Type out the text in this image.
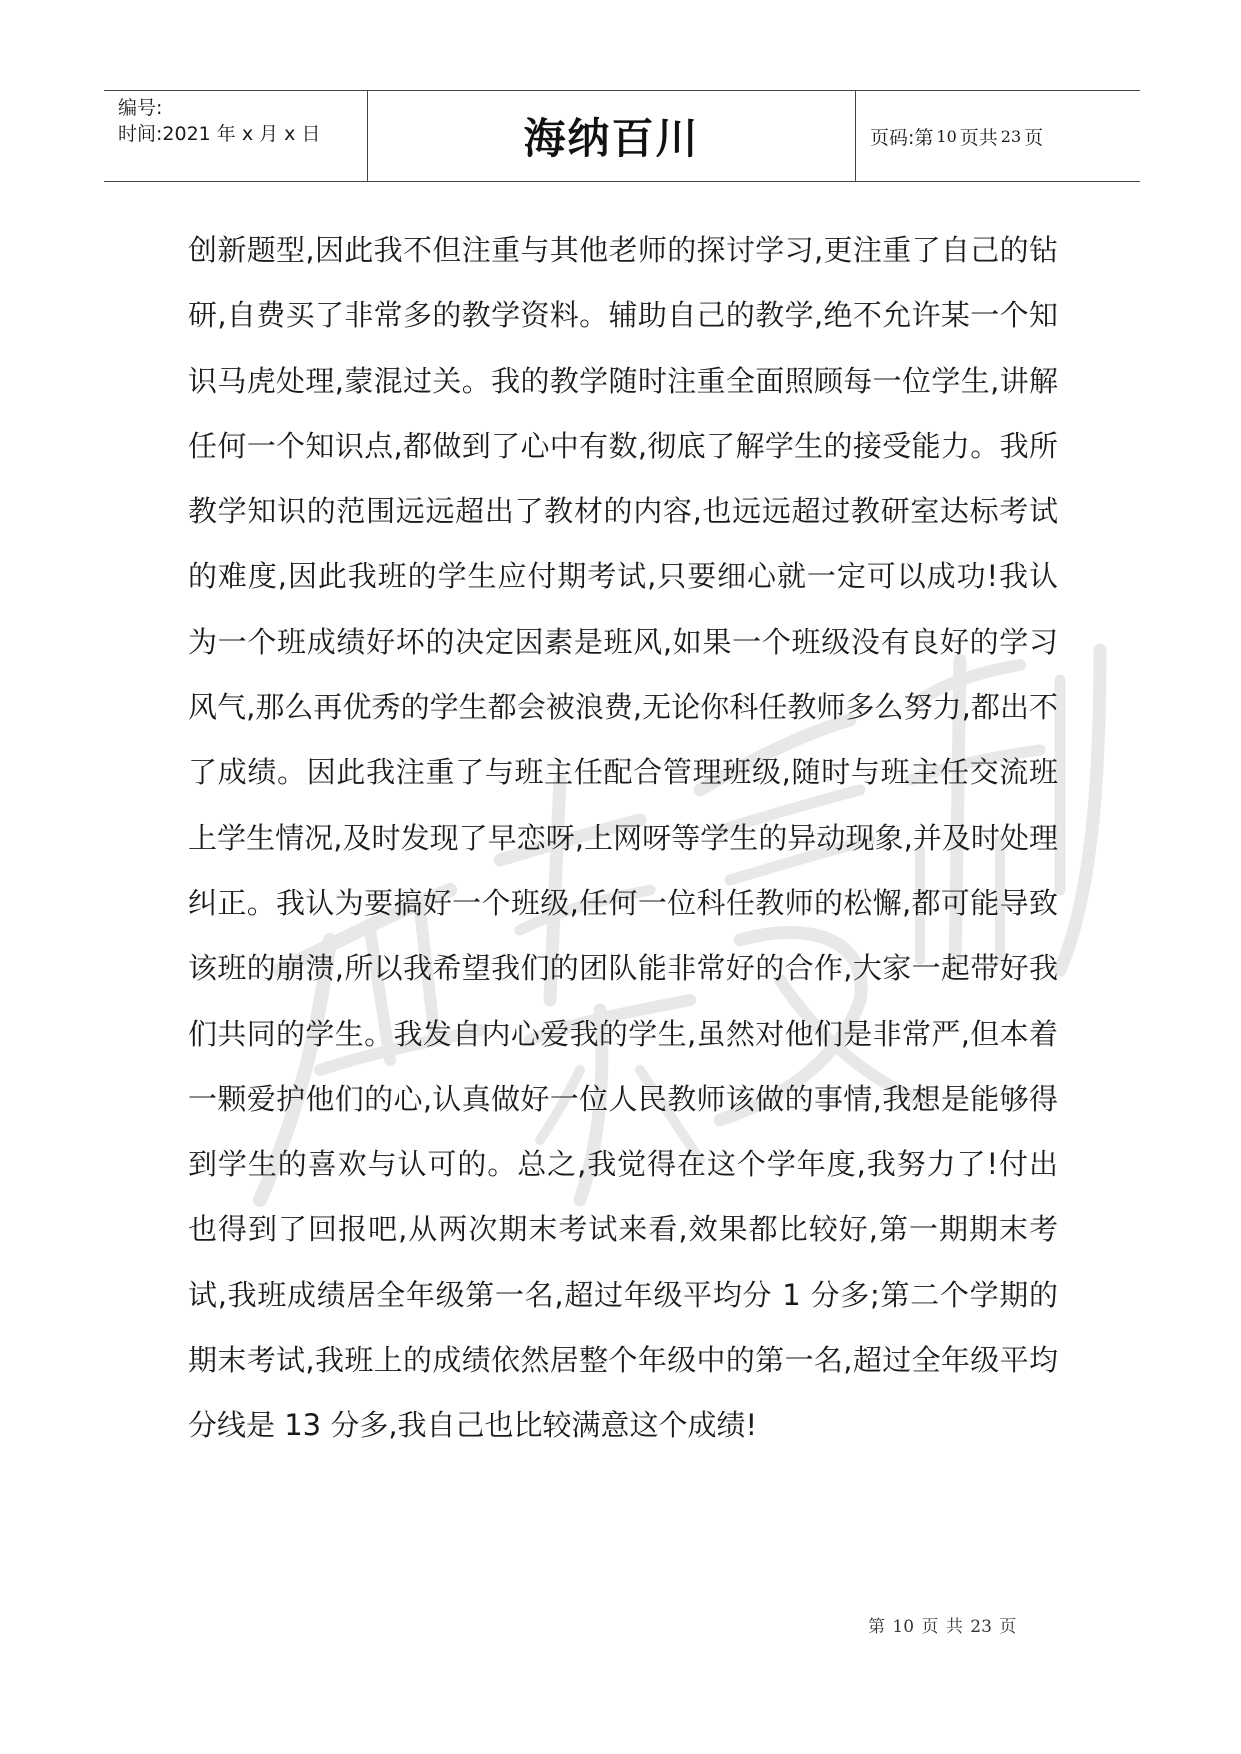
编号:
时间:2021 年 x 月 x 日	海纳百川	页码:第 10 页共 23 页

创新题型,因此我不但注重与其他老师的探讨学习,更注重了自己的钻研,自费买了非常多的教学资料。辅助自己的教学,绝不允许某一个知识马虎处理,蒙混过关。我的教学随时注重全面照顾每一位学生,讲解任何一个知识点,都做到了心中有数,彻底了解学生的接受能力。我所教学知识的范围远远超出了教材的内容,也远远超过教研室达标考试的难度,因此我班的学生应付期考试,只要细心就一定可以成功!我认为一个班成绩好坏的决定因素是班风,如果一个班级没有良好的学习风气,那么再优秀的学生都会被浪费,无论你科任教师多么努力,都出不了成绩。因此我注重了与班主任配合管理班级,随时与班主任交流班上学生情况,及时发现了早恋呀,上网呀等学生的异动现象,并及时处理纠正。我认为要搞好一个班级,任何一位科任教师的松懈,都可能导致该班的崩溃,所以我希望我们的团队能非常好的合作,大家一起带好我们共同的学生。我发自内心爱我的学生,虽然对他们是非常严,但本着一颗爱护他们的心,认真做好一位人民教师该做的事情,我想是能够得到学生的喜欢与认可的。总之,我觉得在这个学年度,我努力了!付出也得到了回报吧,从两次期末考试来看,效果都比较好,第一期期末考试,我班成绩居全年级第一名,超过年级平均分 1 分多;第二个学期的期末考试,我班上的成绩依然居整个年级中的第一名,超过全年级平均分线是 13 分多,我自己也比较满意这个成绩!

第 10 页 共 23 页
